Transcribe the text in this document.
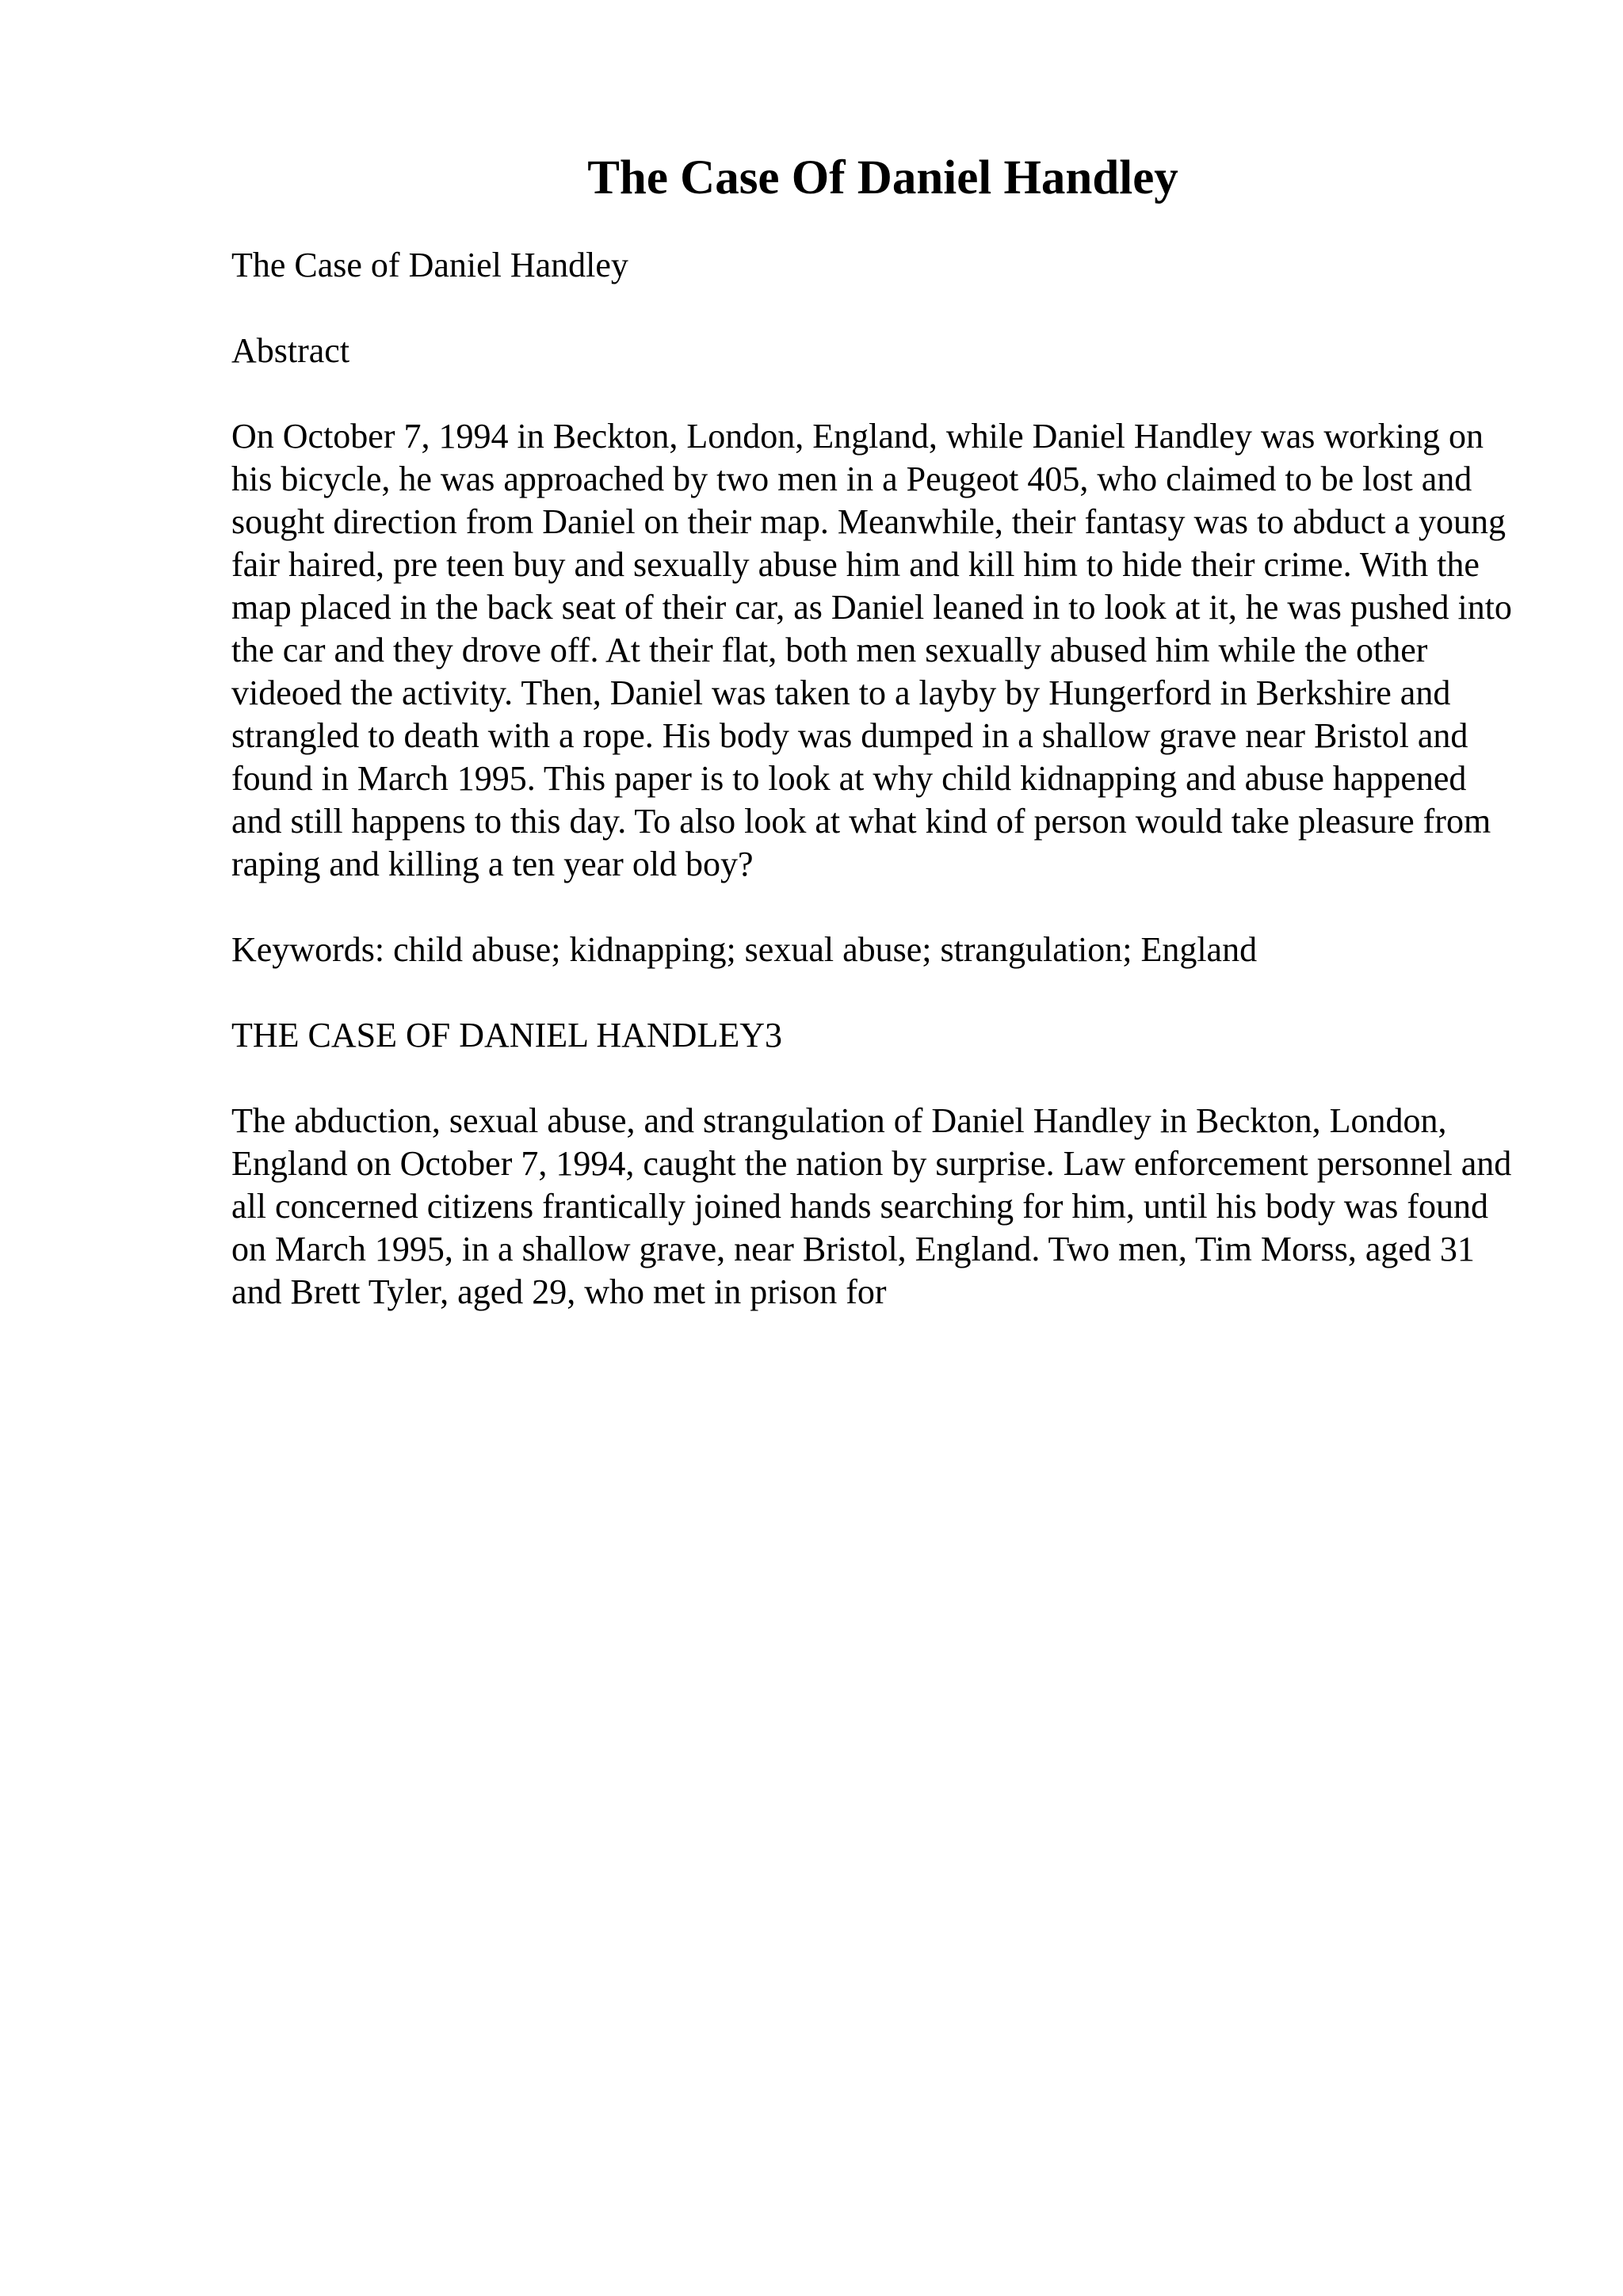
The Case Of Daniel Handley

The Case of Daniel Handley

Abstract

On October 7, 1994 in Beckton, London, England, while Daniel Handley was working on his bicycle, he was approached by two men in a Peugeot 405, who claimed to be lost and sought direction from Daniel on their map. Meanwhile, their fantasy was to abduct a young fair haired, pre teen buy and sexually abuse him and kill him to hide their crime. With the map placed in the back seat of their car, as Daniel leaned in to look at it, he was pushed into the car and they drove off. At their flat, both men sexually abused him while the other videoed the activity. Then, Daniel was taken to a layby by Hungerford in Berkshire and strangled to death with a rope. His body was dumped in a shallow grave near Bristol and found in March 1995. This paper is to look at why child kidnapping and abuse happened and still happens to this day. To also look at what kind of person would take pleasure from raping and killing a ten year old boy?

Keywords: child abuse; kidnapping; sexual abuse; strangulation; England

THE CASE OF DANIEL HANDLEY3

The abduction, sexual abuse, and strangulation of Daniel Handley in Beckton, London, England on October 7, 1994, caught the nation by surprise. Law enforcement personnel and all concerned citizens frantically joined hands searching for him, until his body was found on March 1995, in a shallow grave, near Bristol, England. Two men, Tim Morss, aged 31 and Brett Tyler, aged 29, who met in prison for
